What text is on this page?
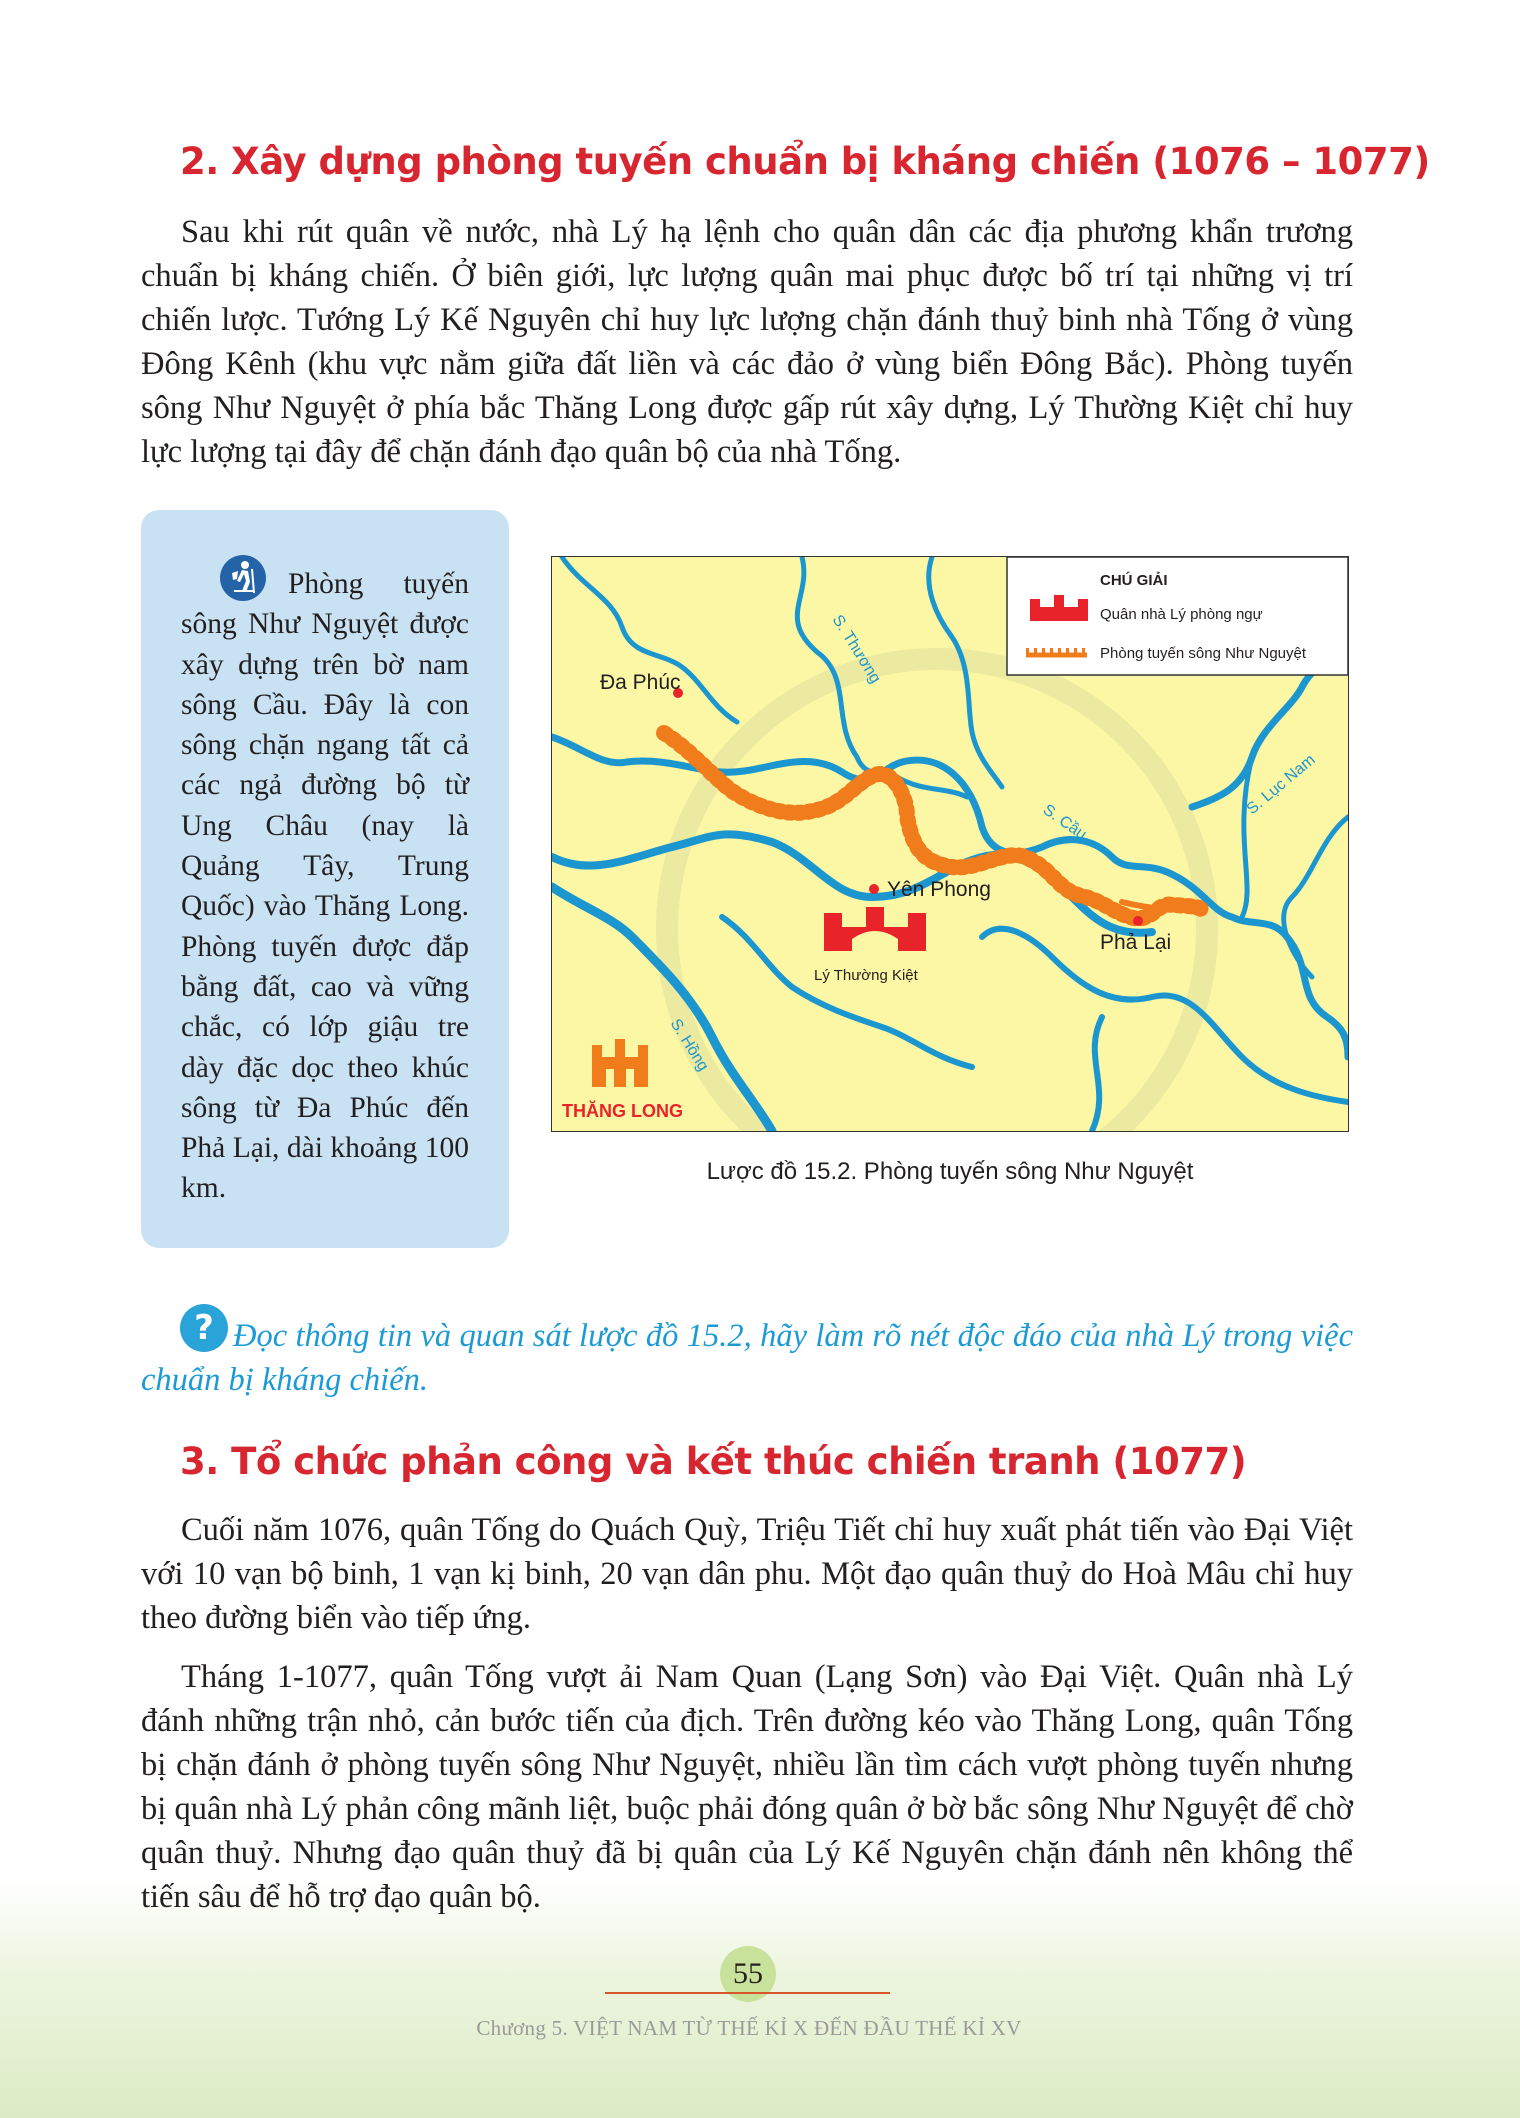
2. Xây dựng phòng tuyến chuẩn bị kháng chiến (1076 – 1077)

Sau khi rút quân về nước, nhà Lý hạ lệnh cho quân dân các địa phương khẩn trương chuẩn bị kháng chiến. Ở biên giới, lực lượng quân mai phục được bố trí tại những vị trí chiến lược. Tướng Lý Kế Nguyên chỉ huy lực lượng chặn đánh thuỷ binh nhà Tống ở vùng Đông Kênh (khu vực nằm giữa đất liền và các đảo ở vùng biển Đông Bắc). Phòng tuyến sông Như Nguyệt ở phía bắc Thăng Long được gấp rút xây dựng, Lý Thường Kiệt chỉ huy lực lượng tại đây để chặn đánh đạo quân bộ của nhà Tống.

Phòng tuyến sông Như Nguyệt được xây dựng trên bờ nam sông Cầu. Đây là con sông chặn ngang tất cả các ngả đường bộ từ Ung Châu (nay là Quảng Tây, Trung Quốc) vào Thăng Long. Phòng tuyến được đắp bằng đất, cao và vững chắc, có lớp giậu tre dày đặc dọc theo khúc sông từ Đa Phúc đến Phả Lại, dài khoảng 100 km.

CHÚ GIẢI
Quân nhà Lý phòng ngự
Phòng tuyến sông Như Nguyệt
Đa Phúc
Yên Phong
Phả Lại
Lý Thường Kiệt
THĂNG LONG
S. Thương
S. Cầu
S. Lục Nam
S. Hồng
Lược đồ 15.2. Phòng tuyến sông Như Nguyệt
? Đọc thông tin và quan sát lược đồ 15.2, hãy làm rõ nét độc đáo của nhà Lý trong việc chuẩn bị kháng chiến.

3. Tổ chức phản công và kết thúc chiến tranh (1077)

Cuối năm 1076, quân Tống do Quách Quỳ, Triệu Tiết chỉ huy xuất phát tiến vào Đại Việt với 10 vạn bộ binh, 1 vạn kị binh, 20 vạn dân phu. Một đạo quân thuỷ do Hoà Mâu chỉ huy theo đường biển vào tiếp ứng.

Tháng 1-1077, quân Tống vượt ải Nam Quan (Lạng Sơn) vào Đại Việt. Quân nhà Lý đánh những trận nhỏ, cản bước tiến của địch. Trên đường kéo vào Thăng Long, quân Tống bị chặn đánh ở phòng tuyến sông Như Nguyệt, nhiều lần tìm cách vượt phòng tuyến nhưng bị quân nhà Lý phản công mãnh liệt, buộc phải đóng quân ở bờ bắc sông Như Nguyệt để chờ quân thuỷ. Nhưng đạo quân thuỷ đã bị quân của Lý Kế Nguyên chặn đánh nên không thể tiến sâu để hỗ trợ đạo quân bộ.

55
Chương 5. VIỆT NAM TỪ THẾ KỈ X ĐẾN ĐẦU THẾ KỈ XV
